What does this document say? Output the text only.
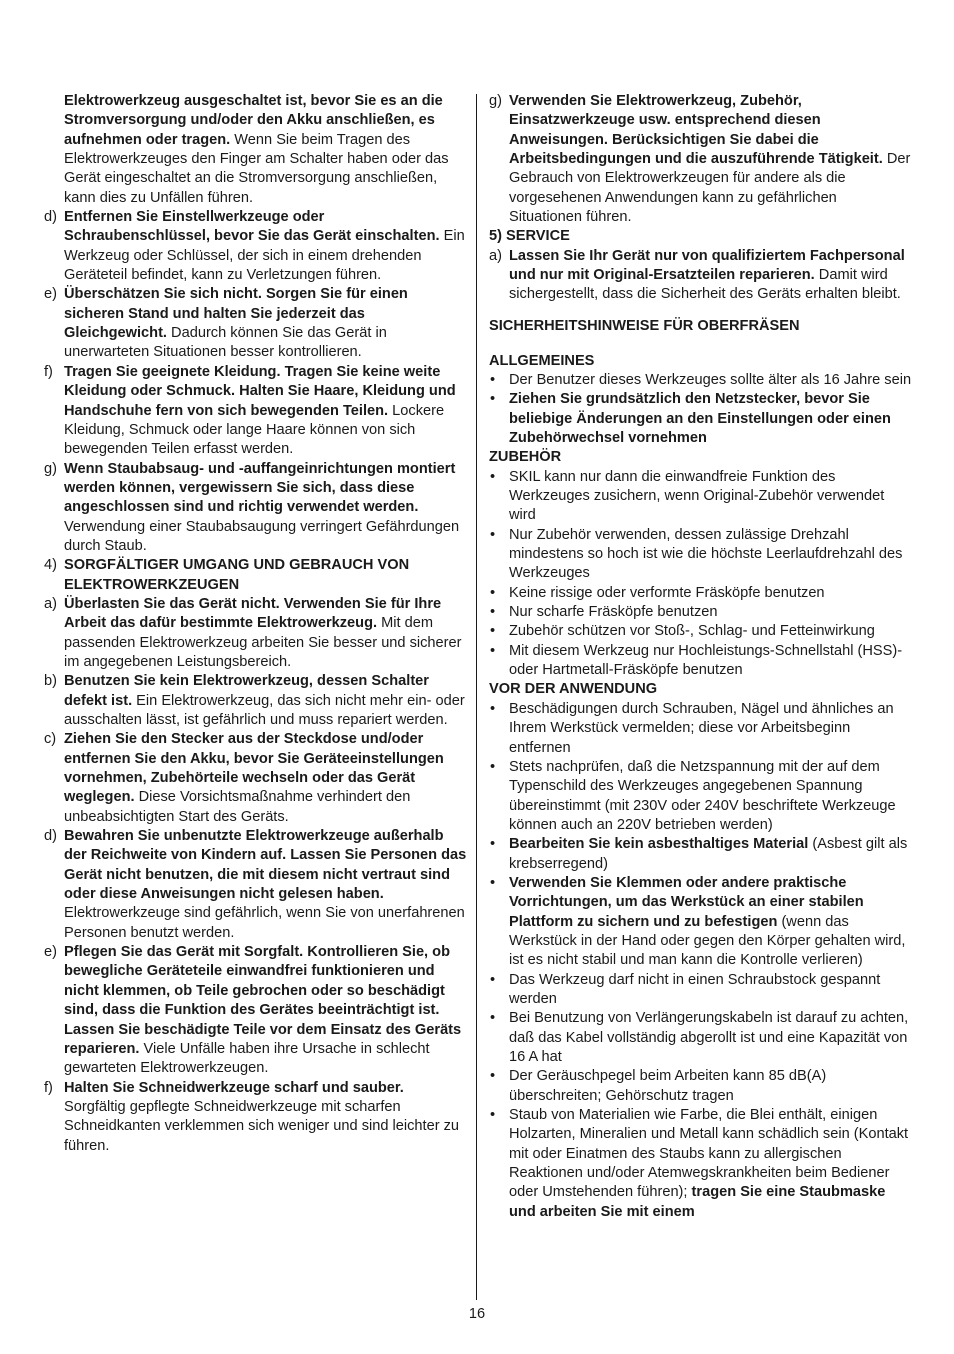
Elektrowerkzeug ausgeschaltet ist, bevor Sie es an die Stromversorgung und/oder den Akku anschließen, es aufnehmen oder tragen. Wenn Sie beim Tragen des Elektrowerkzeuges den Finger am Schalter haben oder das Gerät eingeschaltet an die Stromversorgung anschließen, kann dies zu Unfällen führen.
d) Entfernen Sie Einstellwerkzeuge oder Schraubenschlüssel, bevor Sie das Gerät einschalten. Ein Werkzeug oder Schlüssel, der sich in einem drehenden Geräteteil befindet, kann zu Verletzungen führen.
e) Überschätzen Sie sich nicht. Sorgen Sie für einen sicheren Stand und halten Sie jederzeit das Gleichgewicht. Dadurch können Sie das Gerät in unerwarteten Situationen besser kontrollieren.
f) Tragen Sie geeignete Kleidung. Tragen Sie keine weite Kleidung oder Schmuck. Halten Sie Haare, Kleidung und Handschuhe fern von sich bewegenden Teilen. Lockere Kleidung, Schmuck oder lange Haare können von sich bewegenden Teilen erfasst werden.
g) Wenn Staubabsaug- und -auffangeinrichtungen montiert werden können, vergewissern Sie sich, dass diese angeschlossen sind und richtig verwendet werden. Verwendung einer Staubabsaugung verringert Gefährdungen durch Staub.
4) SORGFÄLTIGER UMGANG UND GEBRAUCH VON ELEKTROWERKZEUGEN
a) Überlasten Sie das Gerät nicht. Verwenden Sie für Ihre Arbeit das dafür bestimmte Elektrowerkzeug. Mit dem passenden Elektrowerkzeug arbeiten Sie besser und sicherer im angegebenen Leistungsbereich.
b) Benutzen Sie kein Elektrowerkzeug, dessen Schalter defekt ist. Ein Elektrowerkzeug, das sich nicht mehr ein- oder ausschalten lässt, ist gefährlich und muss repariert werden.
c) Ziehen Sie den Stecker aus der Steckdose und/oder entfernen Sie den Akku, bevor Sie Geräteeinstellungen vornehmen, Zubehörteile wechseln oder das Gerät weglegen. Diese Vorsichtsmaßnahme verhindert den unbeabsichtigten Start des Geräts.
d) Bewahren Sie unbenutzte Elektrowerkzeuge außerhalb der Reichweite von Kindern auf. Lassen Sie Personen das Gerät nicht benutzen, die mit diesem nicht vertraut sind oder diese Anweisungen nicht gelesen haben. Elektrowerkzeuge sind gefährlich, wenn Sie von unerfahrenen Personen benutzt werden.
e) Pflegen Sie das Gerät mit Sorgfalt. Kontrollieren Sie, ob bewegliche Geräteteile einwandfrei funktionieren und nicht klemmen, ob Teile gebrochen oder so beschädigt sind, dass die Funktion des Gerätes beeinträchtigt ist. Lassen Sie beschädigte Teile vor dem Einsatz des Geräts reparieren. Viele Unfälle haben ihre Ursache in schlecht gewarteten Elektrowerkzeugen.
f) Halten Sie Schneidwerkzeuge scharf und sauber. Sorgfältig gepflegte Schneidwerkzeuge mit scharfen Schneidkanten verklemmen sich weniger und sind leichter zu führen.
g) Verwenden Sie Elektrowerkzeug, Zubehör, Einsatzwerkzeuge usw. entsprechend diesen Anweisungen. Berücksichtigen Sie dabei die Arbeitsbedingungen und die auszuführende Tätigkeit. Der Gebrauch von Elektrowerkzeugen für andere als die vorgesehenen Anwendungen kann zu gefährlichen Situationen führen.
5) SERVICE
a) Lassen Sie Ihr Gerät nur von qualifiziertem Fachpersonal und nur mit Original-Ersatzteilen reparieren. Damit wird sichergestellt, dass die Sicherheit des Geräts erhalten bleibt.
SICHERHEITSHINWEISE FÜR OBERFRÄSEN
ALLGEMEINES
• Der Benutzer dieses Werkzeuges sollte älter als 16 Jahre sein
• Ziehen Sie grundsätzlich den Netzstecker, bevor Sie beliebige Änderungen an den Einstellungen oder einen Zubehörwechsel vornehmen
ZUBEHÖR
• SKIL kann nur dann die einwandfreie Funktion des Werkzeuges zusichern, wenn Original-Zubehör verwendet wird
• Nur Zubehör verwenden, dessen zulässige Drehzahl mindestens so hoch ist wie die höchste Leerlaufdrehzahl des Werkzeuges
• Keine rissige oder verformte Fräsköpfe benutzen
• Nur scharfe Fräsköpfe benutzen
• Zubehör schützen vor Stoß-, Schlag- und Fetteinwirkung
• Mit diesem Werkzeug nur Hochleistungs-Schnellstahl (HSS)- oder Hartmetall-Fräsköpfe benutzen
VOR DER ANWENDUNG
• Beschädigungen durch Schrauben, Nägel und ähnliches an Ihrem Werkstück vermelden; diese vor Arbeitsbeginn entfernen
• Stets nachprüfen, daß die Netzspannung mit der auf dem Typenschild des Werkzeuges angegebenen Spannung übereinstimmt (mit 230V oder 240V beschriftete Werkzeuge können auch an 220V betrieben werden)
• Bearbeiten Sie kein asbesthaltiges Material (Asbest gilt als krebserregend)
• Verwenden Sie Klemmen oder andere praktische Vorrichtungen, um das Werkstück an einer stabilen Plattform zu sichern und zu befestigen (wenn das Werkstück in der Hand oder gegen den Körper gehalten wird, ist es nicht stabil und man kann die Kontrolle verlieren)
• Das Werkzeug darf nicht in einen Schraubstock gespannt werden
• Bei Benutzung von Verlängerungskabeln ist darauf zu achten, daß das Kabel vollständig abgerollt ist und eine Kapazität von 16 A hat
• Der Geräuschpegel beim Arbeiten kann 85 dB(A) überschreiten; Gehörschutz tragen
• Staub von Materialien wie Farbe, die Blei enthält, einigen Holzarten, Mineralien und Metall kann schädlich sein (Kontakt mit oder Einatmen des Staubs kann zu allergischen Reaktionen und/oder Atemwegskrankheiten beim Bediener oder Umstehenden führen); tragen Sie eine Staubmaske und arbeiten Sie mit einem
16
